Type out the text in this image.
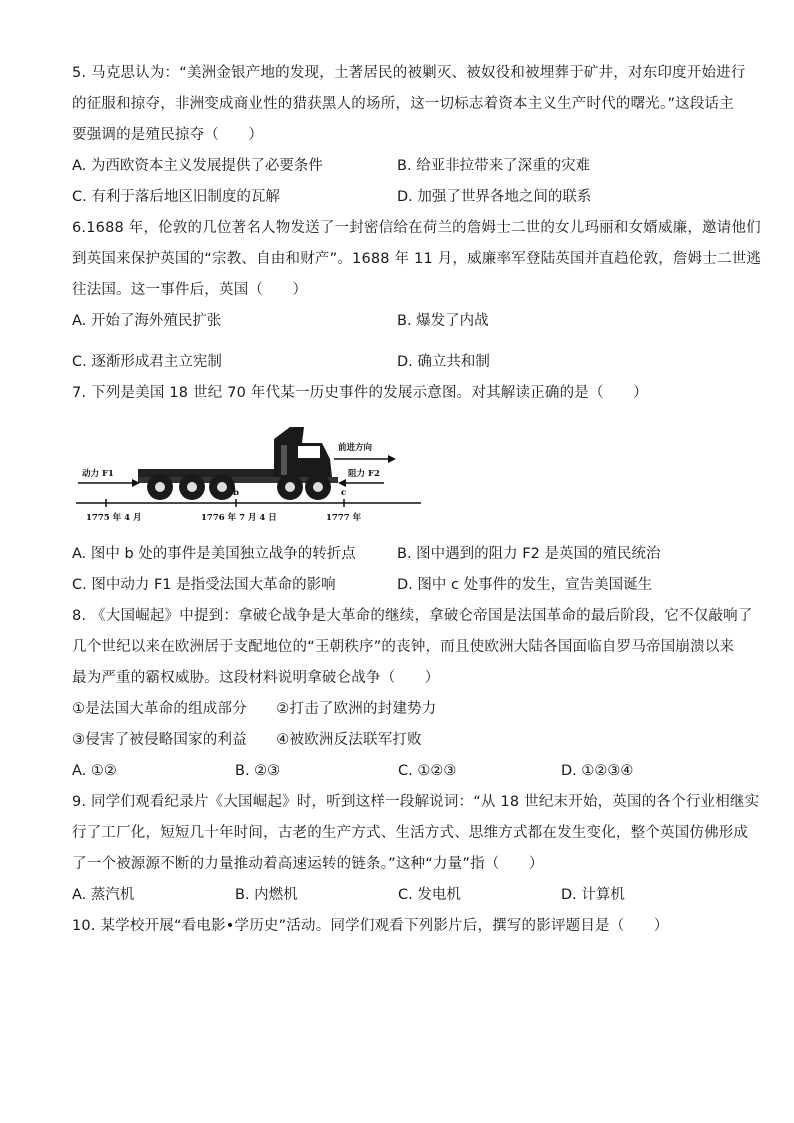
5. 马克思认为：“美洲金银产地的发现，土著居民的被剿灭、被奴役和被埋葬于矿井，对东印度开始进行
的征服和掠夺，非洲变成商业性的猎获黑人的场所，这一切标志着资本主义生产时代的曙光。”这段话主
要强调的是殖民掠夺（　　）
A. 为西欧资本主义发展提供了必要条件	B. 给亚非拉带来了深重的灾难
C. 有利于落后地区旧制度的瓦解	D. 加强了世界各地之间的联系
6.1688 年，伦敦的几位著名人物发送了一封密信给在荷兰的詹姆士二世的女儿玛丽和女婿威廉，邀请他们
到英国来保护英国的“宗教、自由和财产”。1688 年 11 月，威廉率军登陆英国并直趋伦敦，詹姆士二世逃
往法国。这一事件后，英国（　　）
A. 开始了海外殖民扩张	B. 爆发了内战
C. 逐渐形成君主立宪制	D. 确立共和制
7. 下列是美国 18 世纪 70 年代某一历史事件的发展示意图。对其解读正确的是（　　）
USA
前进方向
动力 F1	阻力 F2
b	c
1775 年 4 月	1776 年 7 月 4 日	1777 年
A. 图中 b 处的事件是美国独立战争的转折点	B. 图中遇到的阻力 F2 是英国的殖民统治
C. 图中动力 F1 是指受法国大革命的影响	D. 图中 c 处事件的发生，宣告美国诞生
8. 《大国崛起》中提到：拿破仑战争是大革命的继续，拿破仑帝国是法国革命的最后阶段，它不仅敲响了
几个世纪以来在欧洲居于支配地位的“王朝秩序”的丧钟，而且使欧洲大陆各国面临自罗马帝国崩溃以来
最为严重的霸权威胁。这段材料说明拿破仑战争（　　）
①是法国大革命的组成部分　　②打击了欧洲的封建势力
③侵害了被侵略国家的利益　　④被欧洲反法联军打败
A. ①②	B. ②③	C. ①②③	D. ①②③④
9. 同学们观看纪录片《大国崛起》时，听到这样一段解说词：“从 18 世纪末开始，英国的各个行业相继实
行了工厂化，短短几十年时间，古老的生产方式、生活方式、思维方式都在发生变化，整个英国仿佛形成
了一个被源源不断的力量推动着高速运转的链条。”这种“力量”指（　　）
A. 蒸汽机	B. 内燃机	C. 发电机	D. 计算机
10. 某学校开展“看电影•学历史”活动。同学们观看下列影片后，撰写的影评题目是（　　）
